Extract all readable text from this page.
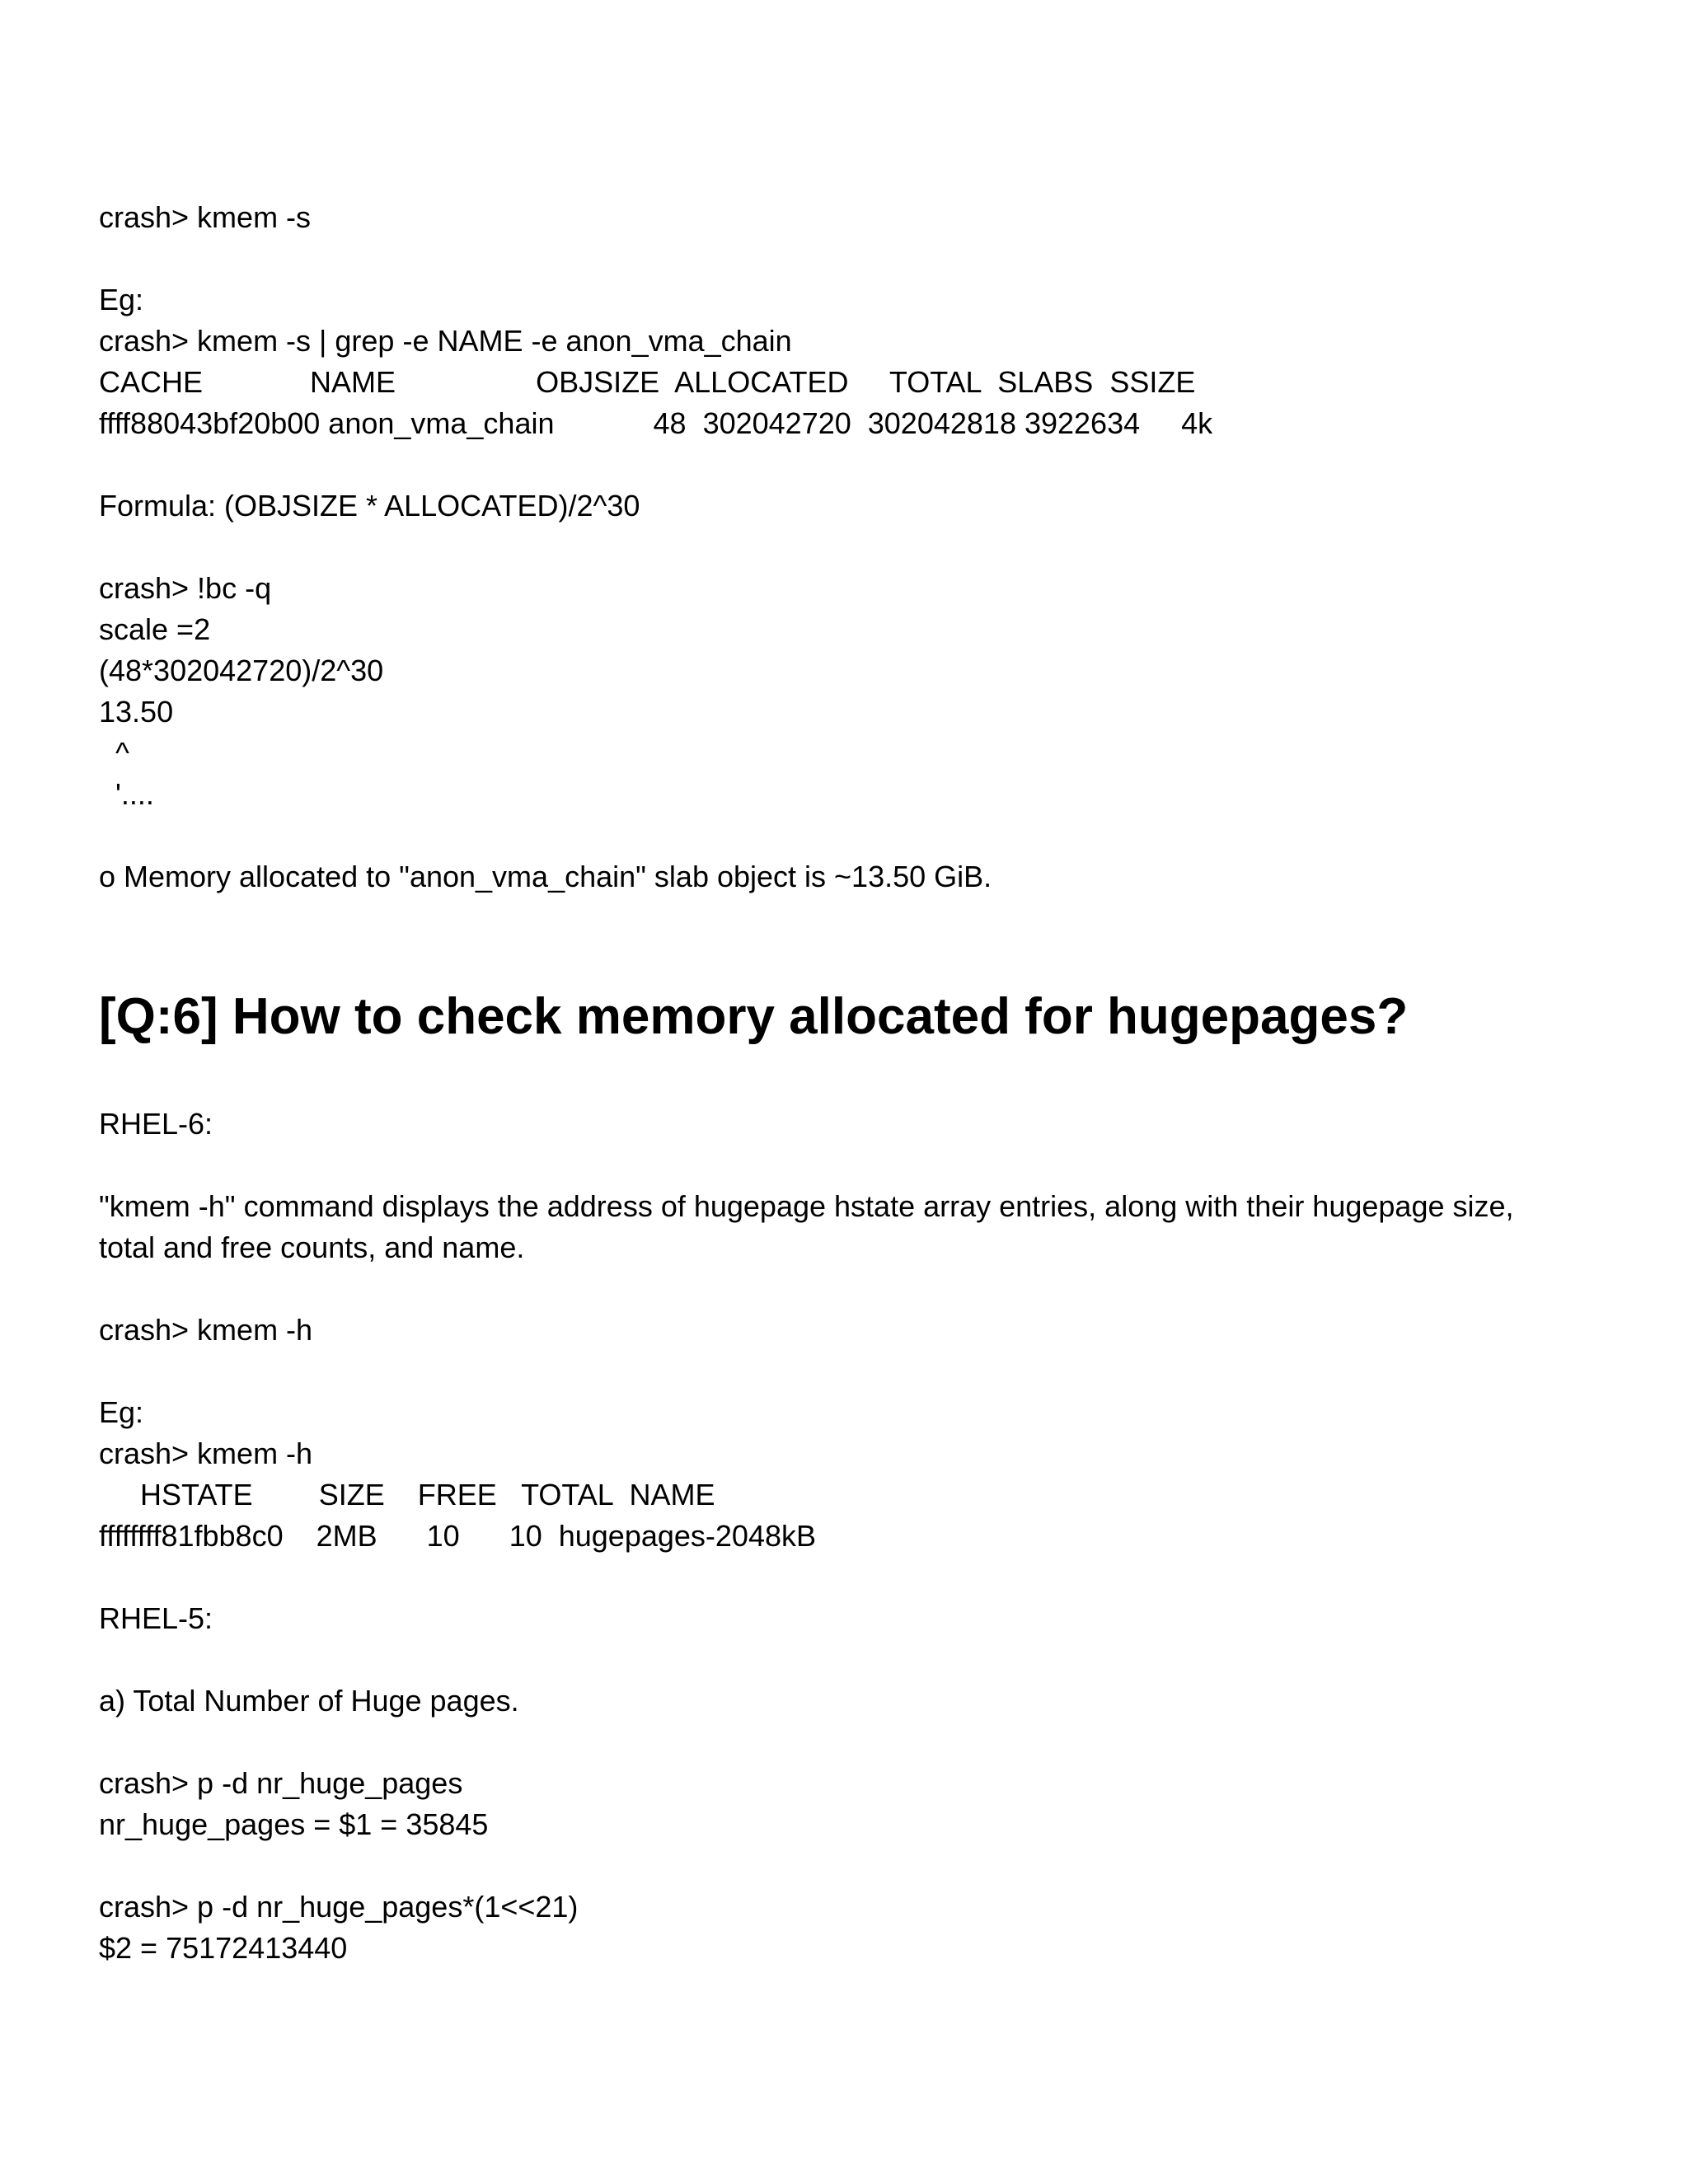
crash> kmem -s

Eg:

crash> kmem -s | grep -e NAME -e anon_vma_chain

CACHE             NAME                 OBJSIZE  ALLOCATED     TOTAL  SLABS  SSIZE

ffff88043bf20b00 anon_vma_chain            48  302042720  302042818 3922634     4k

Formula: (OBJSIZE * ALLOCATED)/2^30

crash> !bc -q

scale =2

(48*302042720)/2^30

13.50

^

'....

o Memory allocated to "anon_vma_chain" slab object is ~13.50 GiB.

[Q:6] How to check memory allocated for hugepages?

RHEL-6:

"kmem -h" command displays the address of hugepage hstate array entries, along with their hugepage size,

total and free counts, and name.

crash> kmem -h

Eg:

crash> kmem -h

HSTATE        SIZE    FREE   TOTAL  NAME

ffffffff81fbb8c0    2MB      10      10  hugepages-2048kB

RHEL-5:

a) Total Number of Huge pages.

crash> p -d nr_huge_pages

nr_huge_pages = $1 = 35845

crash> p -d nr_huge_pages*(1<<21)

$2 = 75172413440
